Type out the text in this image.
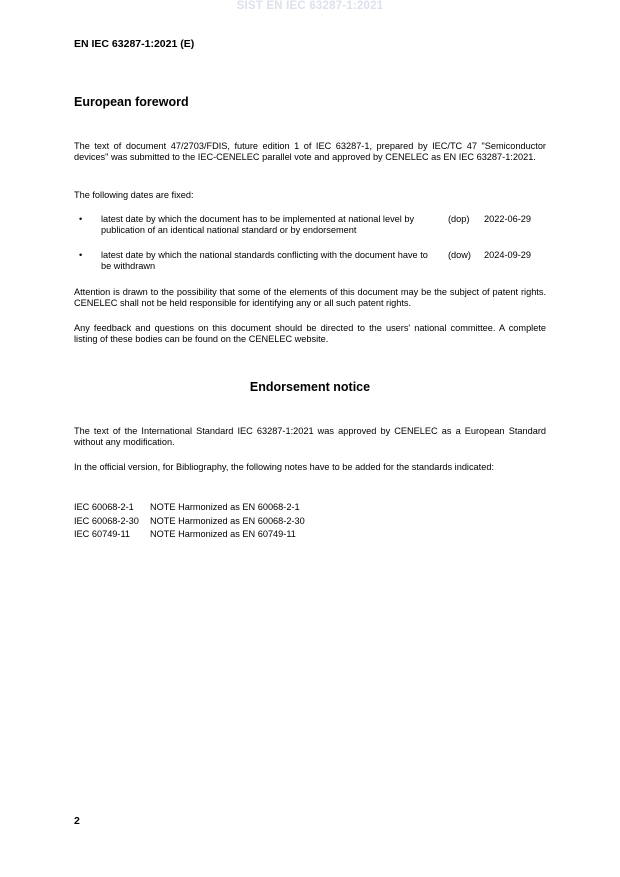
SIST EN IEC 63287-1:2021
EN IEC 63287-1:2021 (E)
European foreword
The text of document 47/2703/FDIS, future edition 1 of IEC 63287-1, prepared by IEC/TC 47 "Semiconductor devices" was submitted to the IEC-CENELEC parallel vote and approved by CENELEC as EN IEC 63287-1:2021.
The following dates are fixed:
• latest date by which the document has to be implemented at national level by publication of an identical national standard or by endorsement
(dop) 2022-06-29
• latest date by which the national standards conflicting with the document have to be withdrawn
(dow) 2024-09-29
Attention is drawn to the possibility that some of the elements of this document may be the subject of patent rights. CENELEC shall not be held responsible for identifying any or all such patent rights.
Any feedback and questions on this document should be directed to the users' national committee. A complete listing of these bodies can be found on the CENELEC website.
Endorsement notice
The text of the International Standard IEC 63287-1:2021 was approved by CENELEC as a European Standard without any modification.
In the official version, for Bibliography, the following notes have to be added for the standards indicated:
IEC 60068-2-1 NOTE Harmonized as EN 60068-2-1
IEC 60068-2-30 NOTE Harmonized as EN 60068-2-30
IEC 60749-11 NOTE Harmonized as EN 60749-11
2
